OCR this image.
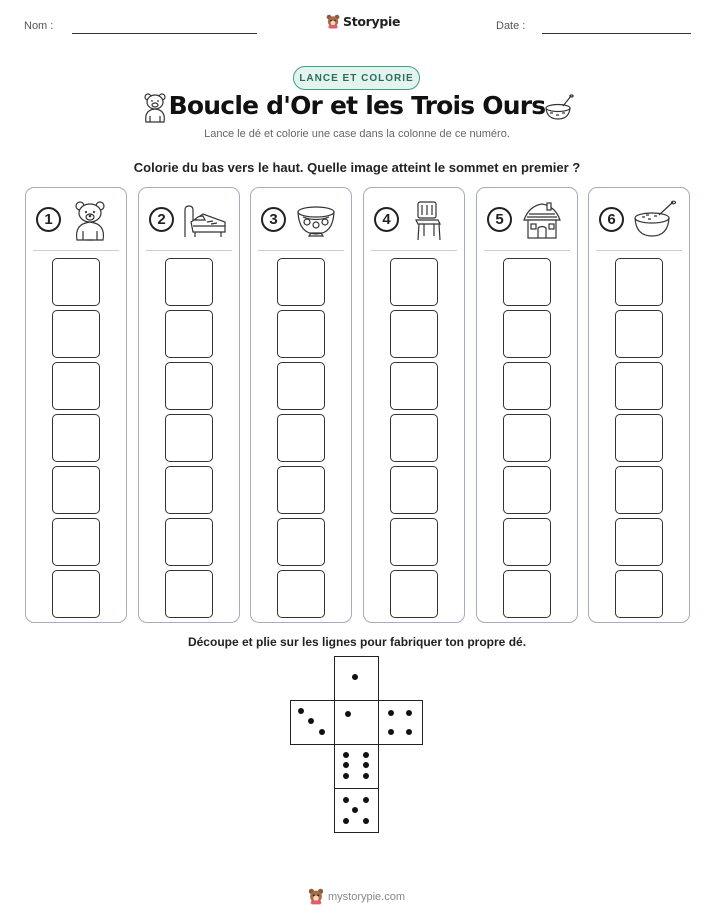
Nom :	Storypie	Date :
LANCE ET COLORIE
Boucle d'Or et les Trois Ours
Lance le dé et colorie une case dans la colonne de ce numéro.
Colorie du bas vers le haut. Quelle image atteint le sommet en premier ?
1	2	3	4	5	6
Découpe et plie sur les lignes pour fabriquer ton propre dé.
mystorypie.com
